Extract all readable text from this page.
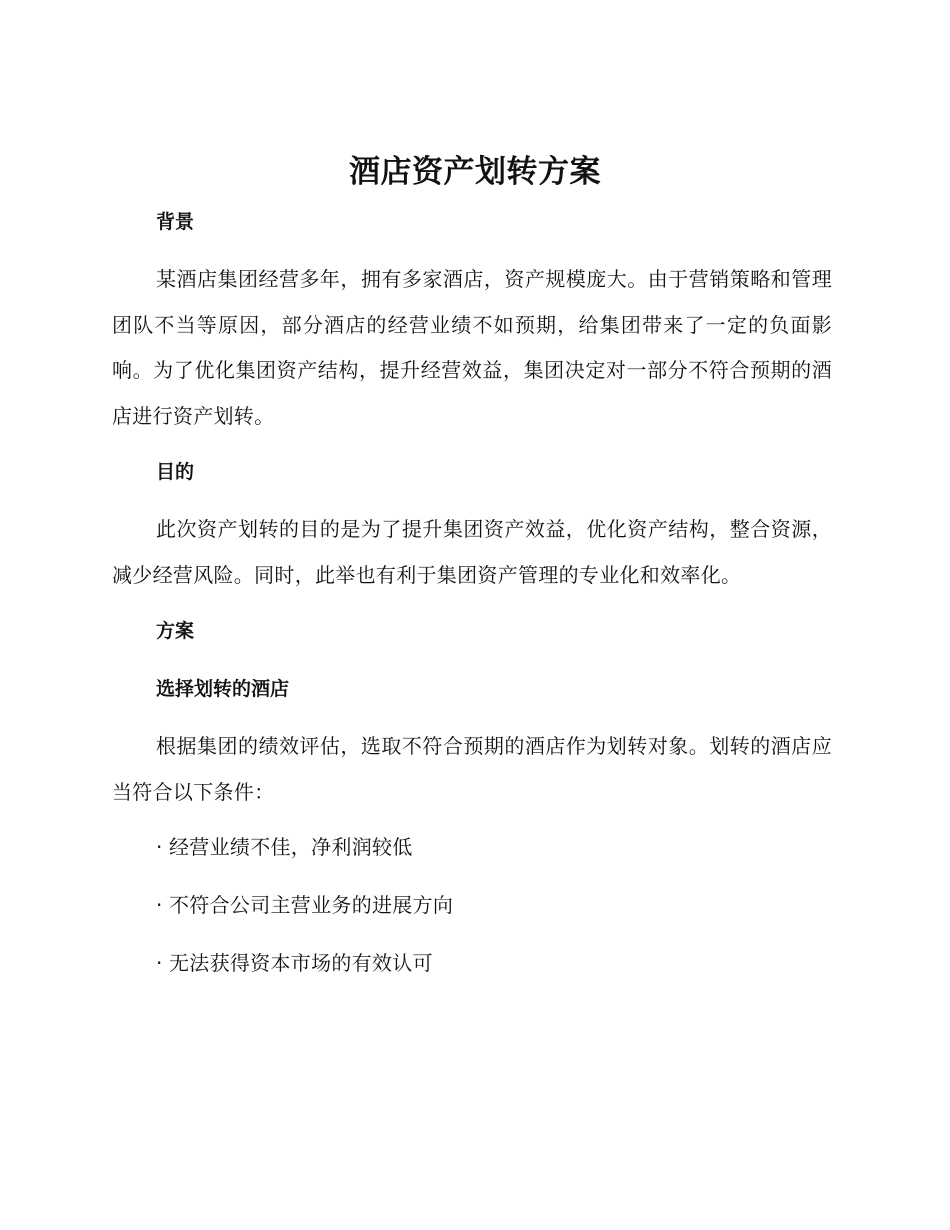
酒店资产划转方案
背景
某酒店集团经营多年，拥有多家酒店，资产规模庞大。由于营销策略和管理团队不当等原因，部分酒店的经营业绩不如预期，给集团带来了一定的负面影响。为了优化集团资产结构，提升经营效益，集团决定对一部分不符合预期的酒店进行资产划转。
目的
此次资产划转的目的是为了提升集团资产效益，优化资产结构，整合资源，减少经营风险。同时，此举也有利于集团资产管理的专业化和效率化。
方案
选择划转的酒店
根据集团的绩效评估，选取不符合预期的酒店作为划转对象。划转的酒店应当符合以下条件：
· 经营业绩不佳，净利润较低
· 不符合公司主营业务的进展方向
· 无法获得资本市场的有效认可
